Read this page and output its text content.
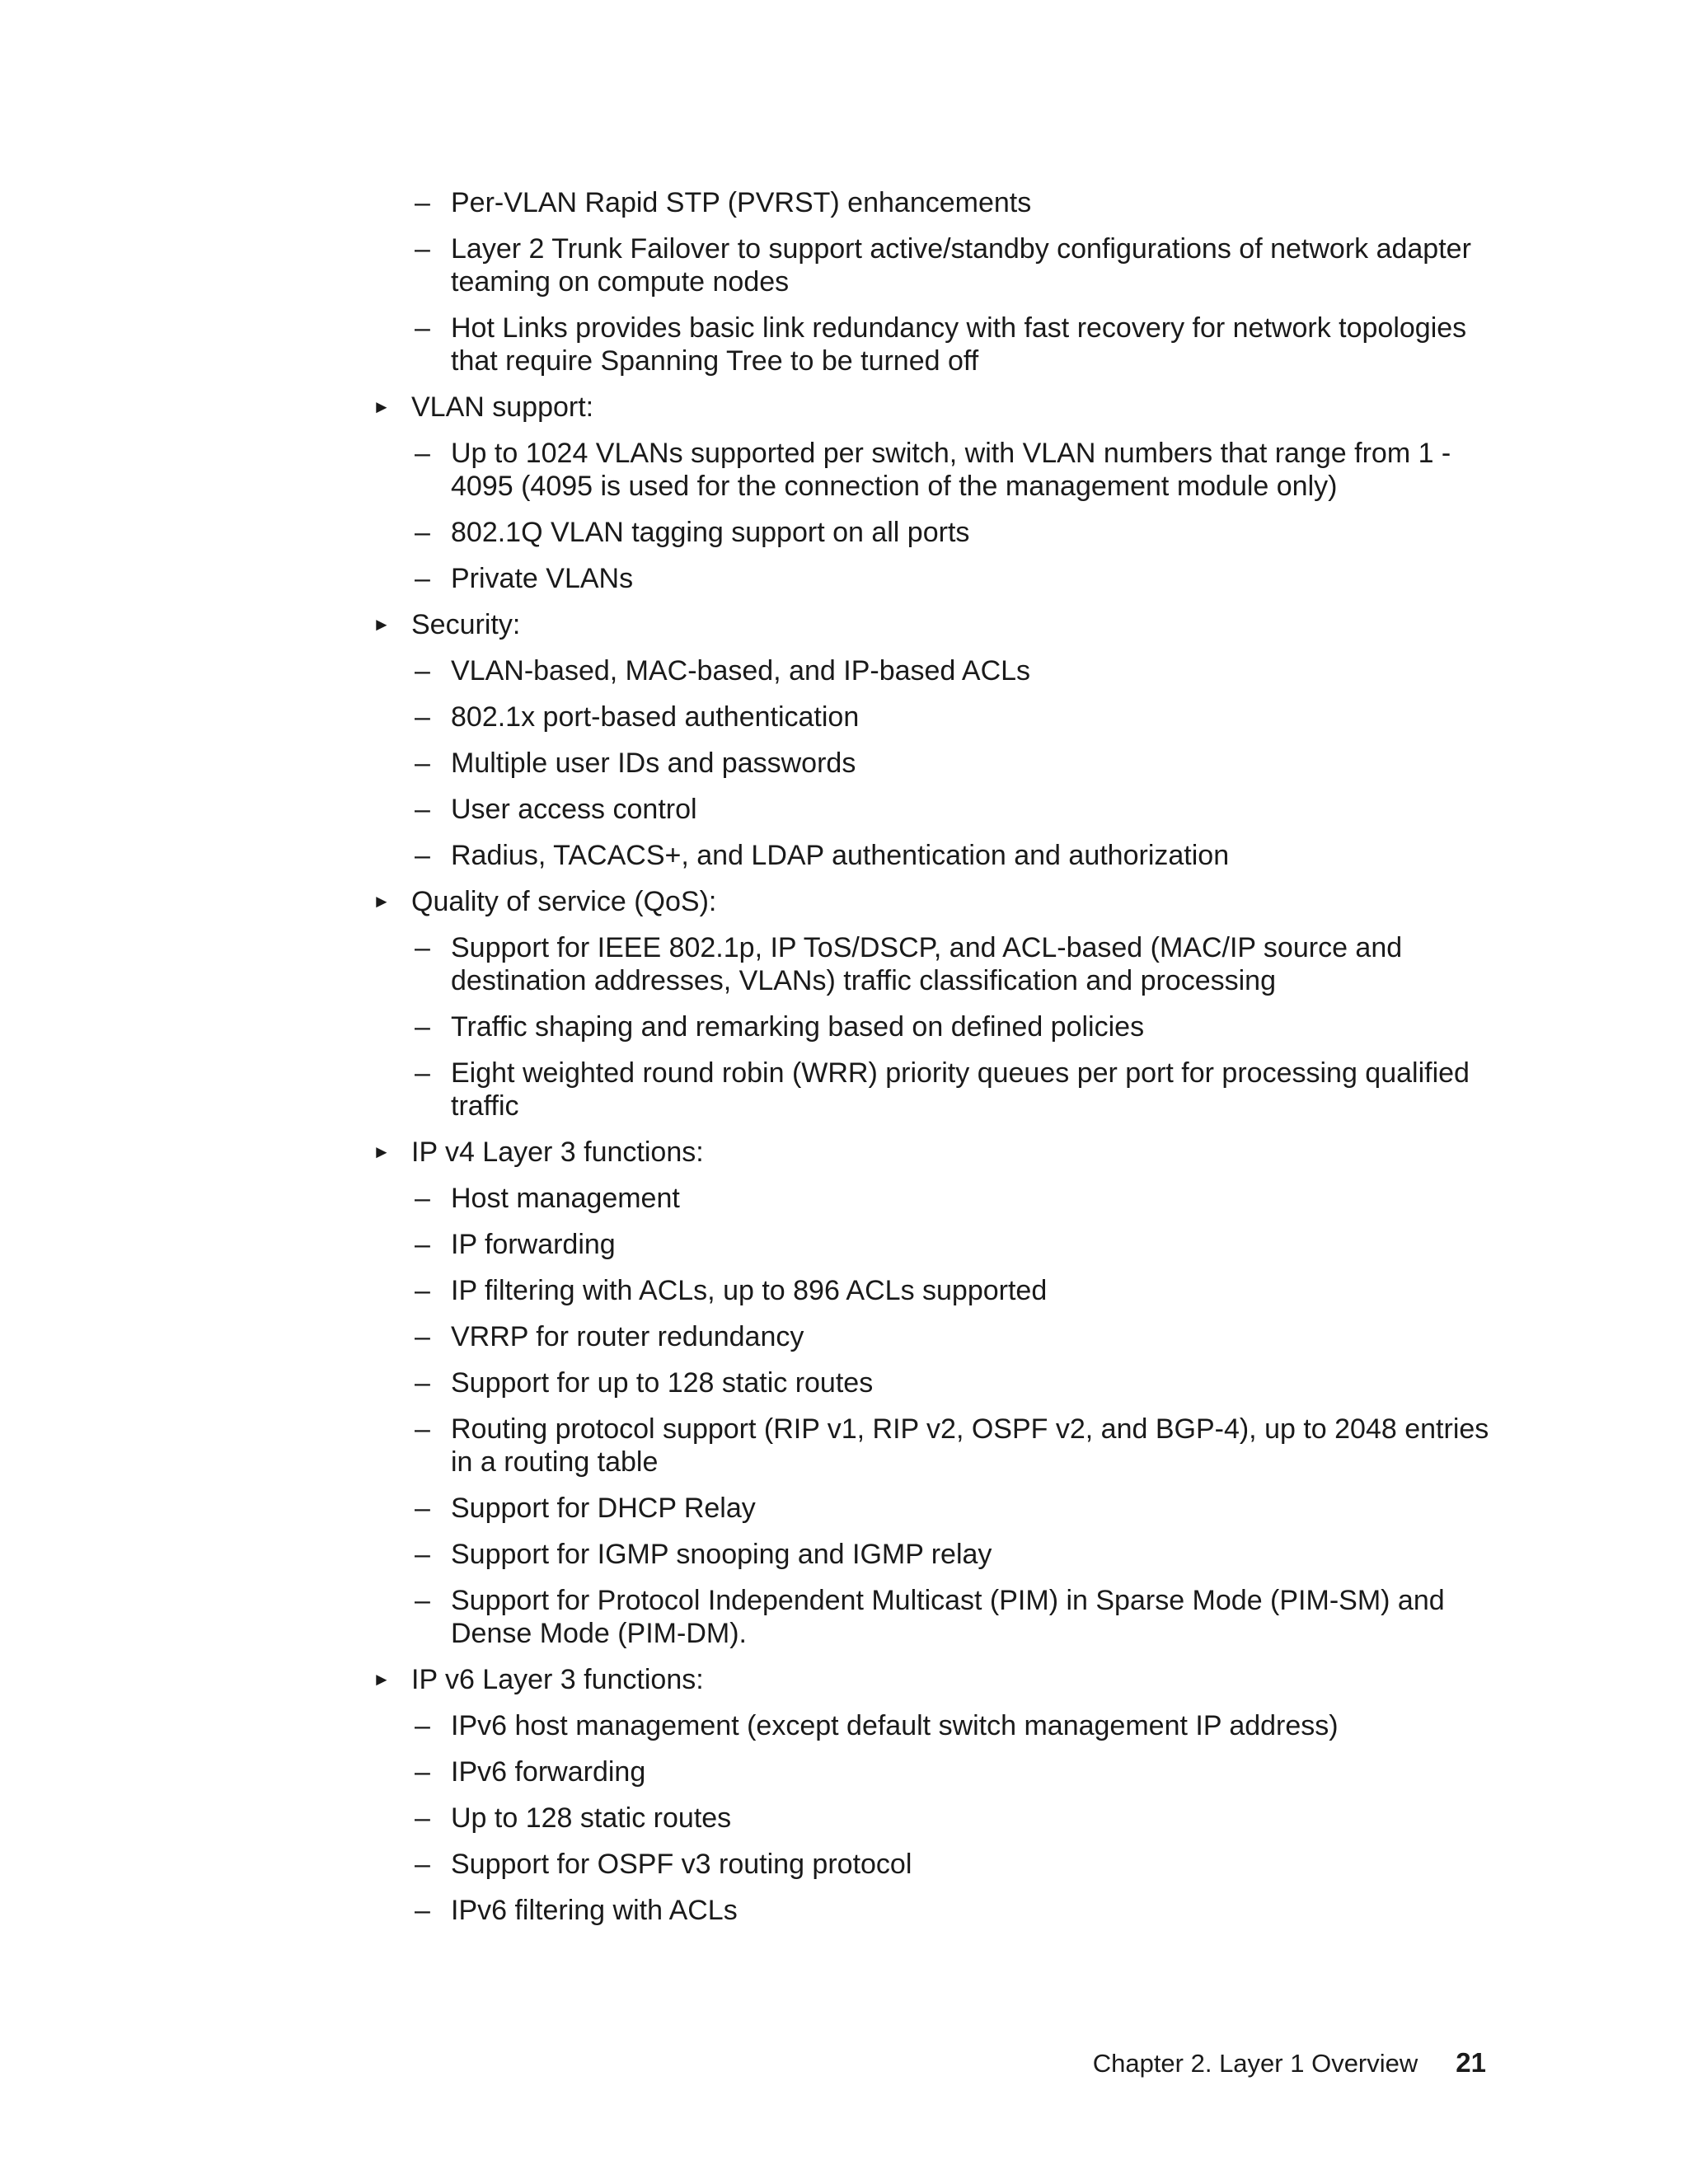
– Per-VLAN Rapid STP (PVRST) enhancements
– Layer 2 Trunk Failover to support active/standby configurations of network adapter teaming on compute nodes
– Hot Links provides basic link redundancy with fast recovery for network topologies that require Spanning Tree to be turned off
► VLAN support:
– Up to 1024 VLANs supported per switch, with VLAN numbers that range from 1 - 4095 (4095 is used for the connection of the management module only)
– 802.1Q VLAN tagging support on all ports
– Private VLANs
► Security:
– VLAN-based, MAC-based, and IP-based ACLs
– 802.1x port-based authentication
– Multiple user IDs and passwords
– User access control
– Radius, TACACS+, and LDAP authentication and authorization
► Quality of service (QoS):
– Support for IEEE 802.1p, IP ToS/DSCP, and ACL-based (MAC/IP source and destination addresses, VLANs) traffic classification and processing
– Traffic shaping and remarking based on defined policies
– Eight weighted round robin (WRR) priority queues per port for processing qualified traffic
► IP v4 Layer 3 functions:
– Host management
– IP forwarding
– IP filtering with ACLs, up to 896 ACLs supported
– VRRP for router redundancy
– Support for up to 128 static routes
– Routing protocol support (RIP v1, RIP v2, OSPF v2, and BGP-4), up to 2048 entries in a routing table
– Support for DHCP Relay
– Support for IGMP snooping and IGMP relay
– Support for Protocol Independent Multicast (PIM) in Sparse Mode (PIM-SM) and Dense Mode (PIM-DM).
► IP v6 Layer 3 functions:
– IPv6 host management (except default switch management IP address)
– IPv6 forwarding
– Up to 128 static routes
– Support for OSPF v3 routing protocol
– IPv6 filtering with ACLs
Chapter 2. Layer 1 Overview 21
